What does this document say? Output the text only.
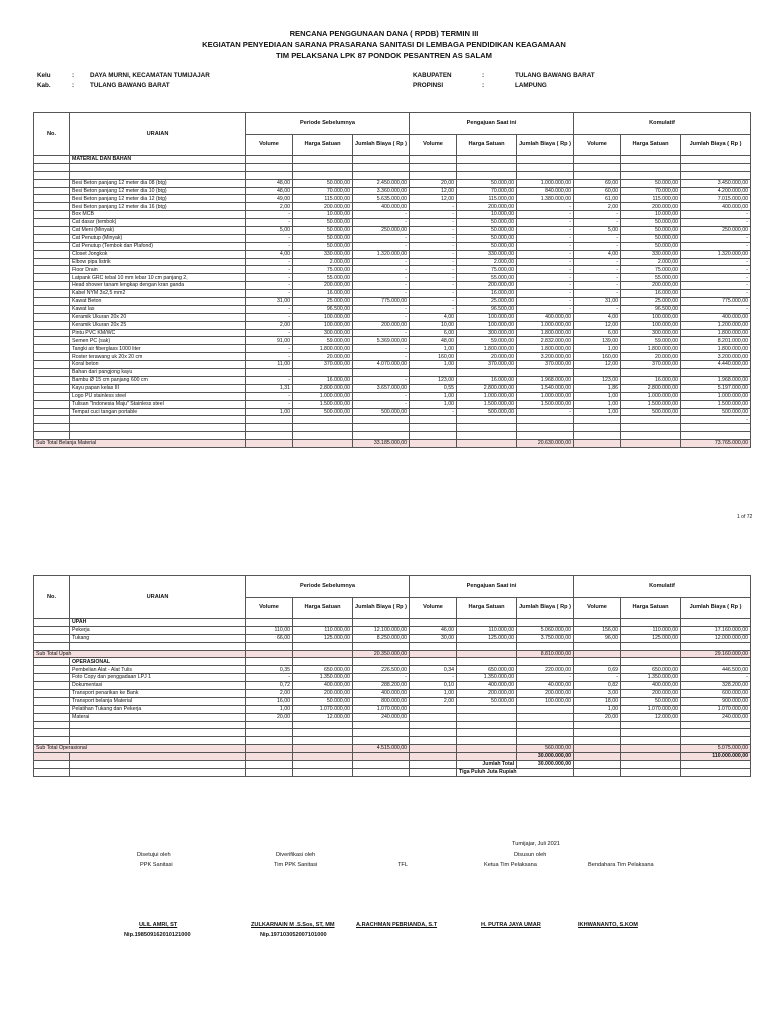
RENCANA PENGGUNAAN DANA ( RPDB) TERMIN III
KEGIATAN PENYEDIAAN SARANA PRASARANA SANITASI DI LEMBAGA PENDIDIKAN KEAGAMAAN
TIM PELAKSANA LPK 87 PONDOK PESANTREN AS SALAM
Kelu	:	DAYA MURNI, KECAMATAN TUMIJAJAR
Kab.	:	TULANG BAWANG BARAT
KABUPATEN	:	TULANG BAWANG BARAT
PROPINSI	:	LAMPUNG
No.	URAIAN	Periode Sebelumnya			Pengajuan Saat ini			Komulatif		
		Volume	Harga Satuan	Jumlah Biaya ( Rp )	Volume	Harga Satuan	Jumlah Biaya ( Rp )	Volume	Harga Satuan	Jumlah Biaya ( Rp )
	MATERIAL DAN BAHAN									

	Besi Beton panjang 12 meter dia 08 (btg)	48,00	50.000,00	2.450.000,00	20,00	50.000,00	1.000.000,00	69,00	50.000,00	3.450.000,00
	Besi Beton panjang 12 meter dia 10 (btg)	48,00	70.000,00	3.360.000,00	12,00	70.000,00	840.000,00	60,00	70.000,00	4.200.000,00
	Besi Beton panjang 12 meter dia 12 (btg)	49,00	115.000,00	5.635.000,00	12,00	115.000,00	1.380.000,00	61,00	115.000,00	7.015.000,00
	Besi Beton panjang 12 meter dia 16 (btg)	2,00	200.000,00	400.000,00	-	200.000,00	-	2,00	200.000,00	400.000,00
	Box MCB	-	10.000,00	-	-	10.000,00	-	-	10.000,00	-
	Cat dasar (tembok)	-	50.000,00	-	-	50.000,00	-	-	50.000,00	-
	Cat Meni (Minyak)	5,00	50.000,00	250.000,00	-	50.000,00	-	5,00	50.000,00	250.000,00
	Cat Penutup (Minyak)	-	50.000,00	-	-	50.000,00	-	-	50.000,00	-
	Cat Penutup (Tembok dan Plafond)	-	50.000,00	-	-	50.000,00	-	-	50.000,00	-
	Closet Jongkok	4,00	330.000,00	1.320.000,00	-	330.000,00	-	4,00	330.000,00	1.320.000,00
	Elbow pipa listrik	-	2.000,00	-	-	2.000,00	-	-	2.000,00	-
	Floor Drain	-	75.000,00	-	-	75.000,00	-	-	75.000,00	-
	Latpank GRC tebal 10 mm lebar 10 cm panjang 2,	-	55.000,00	-	-	55.000,00	-	-	55.000,00	-
	Head shower tanam lengkap dengan kran ganda	-	200.000,00	-	-	200.000,00	-	-	200.000,00	-
	Kabel NYM 3x2,5 mm2	-	16.000,00	-	-	16.000,00	-	-	16.000,00	-
	Kawat Beton	31,00	25.000,00	775.000,00	-	25.000,00	-	31,00	25.000,00	775.000,00
	Kawat las	-	96.500,00	-	-	96.500,00	-	-	96.500,00	-
	Keramik Ukuran 20x 20	-	100.000,00	-	4,00	100.000,00	400.000,00	4,00	100.000,00	400.000,00
	Keramik Ukuran 20x 25	2,00	100.000,00	200.000,00	10,00	100.000,00	1.000.000,00	12,00	100.000,00	1.200.000,00
	Pintu PVC KM/WC	-	300.000,00	-	6,00	300.000,00	1.800.000,00	6,00	300.000,00	1.800.000,00
	Semen PC (sak)	91,00	59.000,00	5.369.000,00	48,00	59.000,00	2.832.000,00	139,00	59.000,00	8.201.000,00
	Tangki air fiberglass 1000 liter	-	1.800.000,00	-	1,00	1.800.000,00	1.800.000,00	1,00	1.800.000,00	1.800.000,00
	Roster terawang uk 20x 20 cm	-	20.000,00	-	160,00	20.000,00	3.200.000,00	160,00	20.000,00	3.200.000,00
	Koral beton	11,00	370.000,00	4.070.000,00	1,00	370.000,00	370.000,00	12,00	370.000,00	4.440.000,00
	Bahan dari pangjong kayu									
	Bambu Ø 15 cm panjang 600 cm	-	16.000,00	-	123,00	16.000,00	1.968.000,00	123,00	16.000,00	1.968.000,00
	Kayu papan kelas III	1,31	2.800.000,00	3.657.000,00	0,55	2.800.000,00	1.540.000,00	1,86	2.800.000,00	5.197.000,00
	Logo PU stainless steel	-	1.000.000,00	-	1,00	1.000.000,00	1.000.000,00	1,00	1.000.000,00	1.000.000,00
	Tulisan "Indonesia Maju" Stainless steel	-	1.500.000,00	-	1,00	1.500.000,00	1.500.000,00	1,00	1.500.000,00	1.500.000,00
	Tempat cuci tangan portable	1,00	500.000,00	500.000,00	-	500.000,00	-	1,00	500.000,00	500.000,00
										-

Sub Total Belanja Material				33.185.000,00			20.630.000,00			73.765.000,00
1 of 72
No.	URAIAN	Periode Sebelumnya			Pengajuan Saat ini			Komulatif		
		Volume	Harga Satuan	Jumlah Biaya ( Rp )	Volume	Harga Satuan	Jumlah Biaya ( Rp )	Volume	Harga Satuan	Jumlah Biaya ( Rp )
	UPAH									
	Pekerja	110,00	110.000,00	12.100.000,00	46,00	110.000,00	5.060.000,00	156,00	110.000,00	17.160.000,00
	Tukang	66,00	125.000,00	8.250.000,00	30,00	125.000,00	3.750.000,00	96,00	125.000,00	12.000.000,00

Sub Total Upah				20.350.000,00			8.810.000,00			29.160.000,00
	OPERASIONAL									
	Pembelian Alat - Alat Tulis	0,35	650.000,00	226.500,00	0,34	650.000,00	220.000,00	0,69	650.000,00	446.500,00
	Foto Copy dan penggadaan LPJ 1	-	1.350.000,00	-	-	1.350.000,00	-	-	1.350.000,00	-
	Dokumentasi	0,72	400.000,00	288.200,00	0,10	400.000,00	40.000,00	0,82	400.000,00	328.200,00
	Transport penarikan ke Bank	2,00	200.000,00	400.000,00	1,00	200.000,00	200.000,00	3,00	200.000,00	600.000,00
	Transport belanja Material	16,00	50.000,00	800.000,00	2,00	50.000,00	100.000,00	18,00	50.000,00	900.000,00
	Pelatihan Tukang dan Pekerja	1,00	1.070.000,00	1.070.000,00				1,00	1.070.000,00	1.070.000,00
	Materai	20,00	12.000,00	240.000,00				20,00	12.000,00	240.000,00

Sub Total Operasional				4.515.000,00			560.000,00			5.075.000,00
							30.000.000,00			110.000.000,00
						Jumlah Total	30.000.000,00			
						Tiga Puluh Juta Rupiah				
Tumijajar, Juli 2021
Disusun oleh
Disetujui oleh	Diverifikasi oleh
PPK Sanitasi	Tim PPK Sanitasi	TFL	Ketua Tim Pelaksana	Bendahara Tim Pelaksana
ULIL AMRI, ST
Nip.198509162010121000
ZULKARNAIN M .S.Sos, ST, MM
Nip.197103052007101000
A.RACHMAN PEBRIANDA, S.T	H. PUTRA JAYA UMAR	IKHWANANTO, S.KOM
